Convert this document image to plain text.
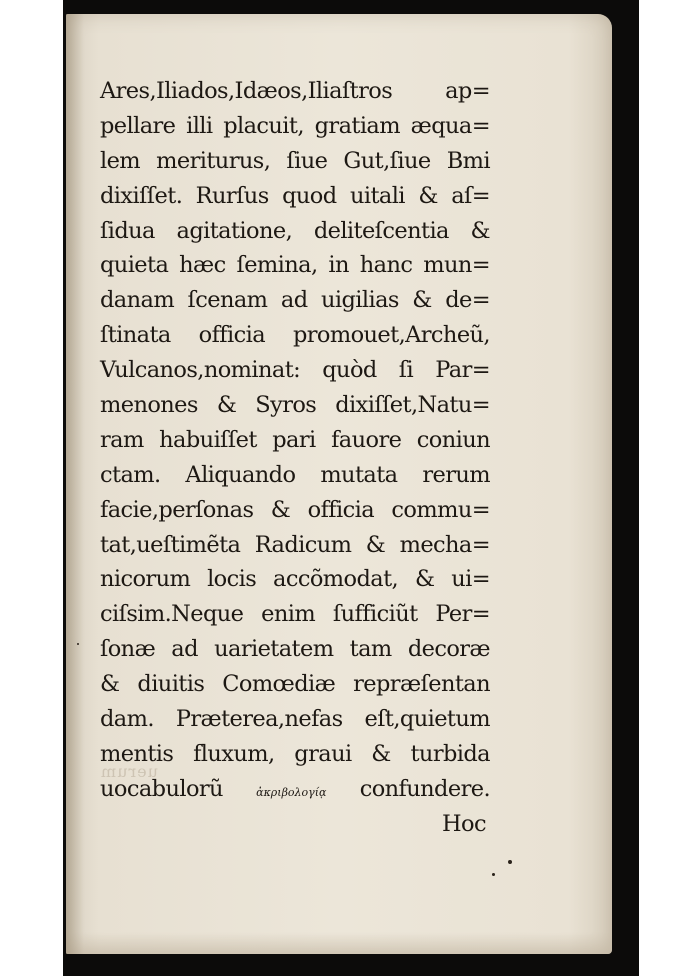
Ares,Iliados,Idæos,Iliaſtros ap=
pellare illi placuit, gratiam æqua=
lem meriturus, ſiue Gut,ſiue Bmi
dixiſſet. Rurſus quod uitali & aſ=
ſidua agitatione, deliteſcentia &
quieta hæc ſemina, in hanc mun=
danam ſcenam ad uigilias & de=
ſtinata officia promouet,Archeũ,
Vulcanos,nominat: quòd ſi Par=
menones & Syros dixiſſet,Natu=
ram habuiſſet pari fauore coniun
ctam. Aliquando mutata rerum
facie,perſonas & officia commu=
tat,ueſtimẽta Radicum & mecha=
nicorum locis accõmodat, & ui=
ciſsim.Neque enim ſufficiũt Per=
ſonæ ad uarietatem tam decoræ
& diuitis Comœdiæ repræſentan
dam. Præterea,nefas eſt,quietum
mentis fluxum, graui & turbida
uocabulorũ	ἀκριβολογίᾳ confundere.
Hoc
uerum
